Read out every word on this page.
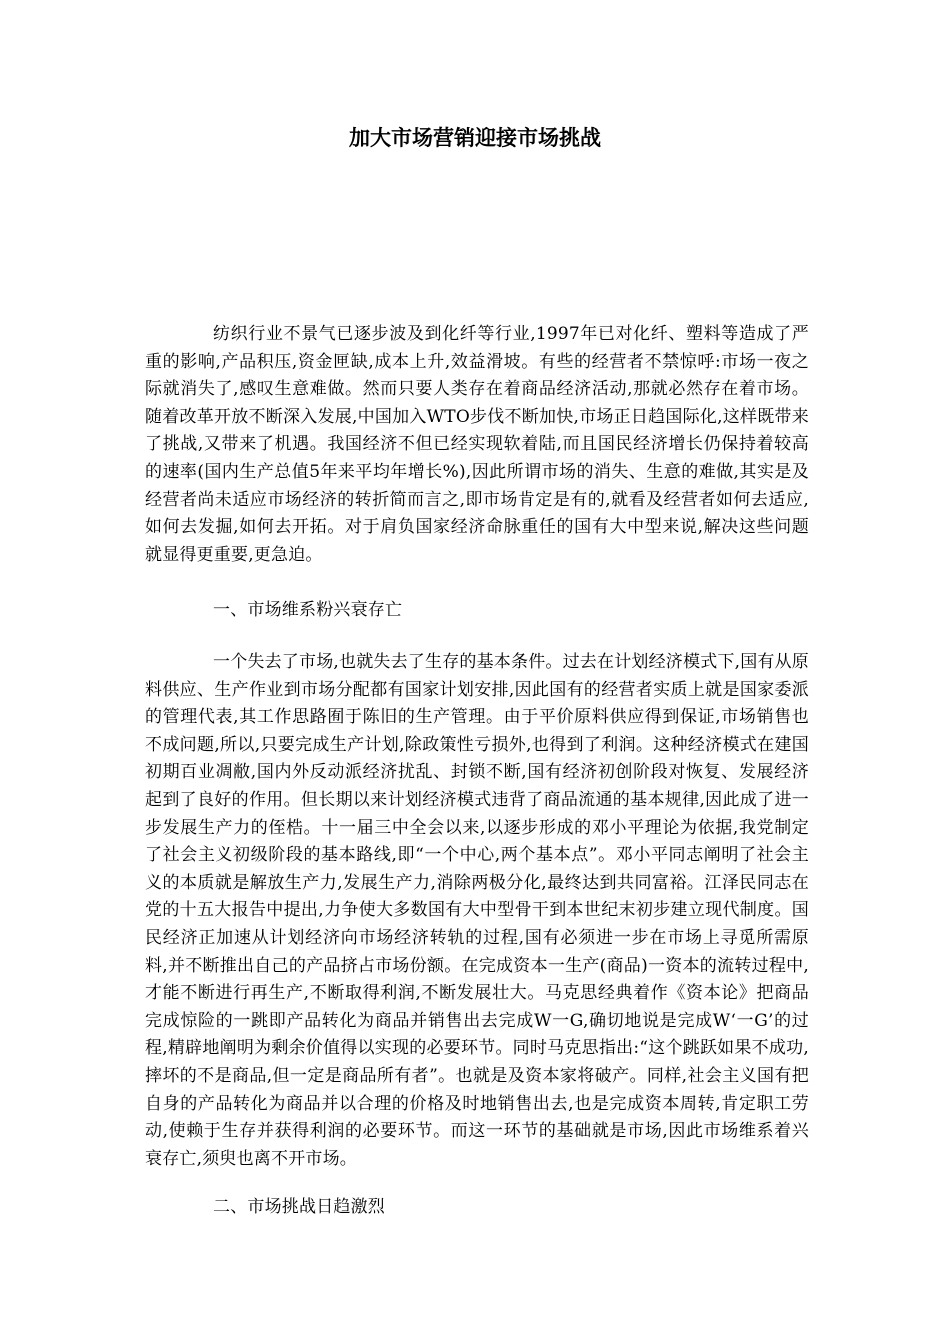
加大市场营销迎接市场挑战

纺织行业不景气已逐步波及到化纤等行业,1997年已对化纤、塑料等造成了严重的影响,产品积压,资金匣缺,成本上升,效益滑坡。有些的经营者不禁惊呼:市场一夜之际就消失了,感叹生意难做。然而只要人类存在着商品经济活动,那就必然存在着市场。随着改革开放不断深入发展,中国加入WTO步伐不断加快,市场正日趋国际化,这样既带来了挑战,又带来了机遇。我国经济不但已经实现软着陆,而且国民经济增长仍保持着较高的速率(国内生产总值5年来平均年增长%),因此所谓市场的消失、生意的难做,其实是及经营者尚未适应市场经济的转折简而言之,即市场肯定是有的,就看及经营者如何去适应,如何去发掘,如何去开拓。对于肩负国家经济命脉重任的国有大中型来说,解决这些问题就显得更重要,更急迫。

一、市场维系粉兴衰存亡

一个失去了市场,也就失去了生存的基本条件。过去在计划经济模式下,国有从原料供应、生产作业到市场分配都有国家计划安排,因此国有的经营者实质上就是国家委派的管理代表,其工作思路囿于陈旧的生产管理。由于平价原料供应得到保证,市场销售也不成问题,所以,只要完成生产计划,除政策性亏损外,也得到了利润。这种经济模式在建国初期百业凋敝,国内外反动派经济扰乱、封锁不断,国有经济初创阶段对恢复、发展经济起到了良好的作用。但长期以来计划经济模式违背了商品流通的基本规律,因此成了进一步发展生产力的侄梏。十一届三中全会以来,以逐步形成的邓小平理论为依据,我党制定了社会主义初级阶段的基本路线,即“一个中心,两个基本点”。邓小平同志阐明了社会主义的本质就是解放生产力,发展生产力,消除两极分化,最终达到共同富裕。江泽民同志在党的十五大报告中提出,力争使大多数国有大中型骨干到本世纪末初步建立现代制度。国民经济正加速从计划经济向市场经济转轨的过程,国有必须进一步在市场上寻觅所需原料,并不断推出自己的产品挤占市场份额。在完成资本一生产(商品)一资本的流转过程中,才能不断进行再生产,不断取得利润,不断发展壮大。马克思经典着作《资本论》把商品完成惊险的一跳即产品转化为商品并销售出去完成W一G,确切地说是完成W‘一G’的过程,精辟地阐明为剩余价值得以实现的必要环节。同时马克思指出:“这个跳跃如果不成功,摔坏的不是商品,但一定是商品所有者”。也就是及资本家将破产。同样,社会主义国有把自身的产品转化为商品并以合理的价格及时地销售出去,也是完成资本周转,肯定职工劳动,使赖于生存并获得利润的必要环节。而这一环节的基础就是市场,因此市场维系着兴衰存亡,须臾也离不开市场。

二、市场挑战日趋激烈
